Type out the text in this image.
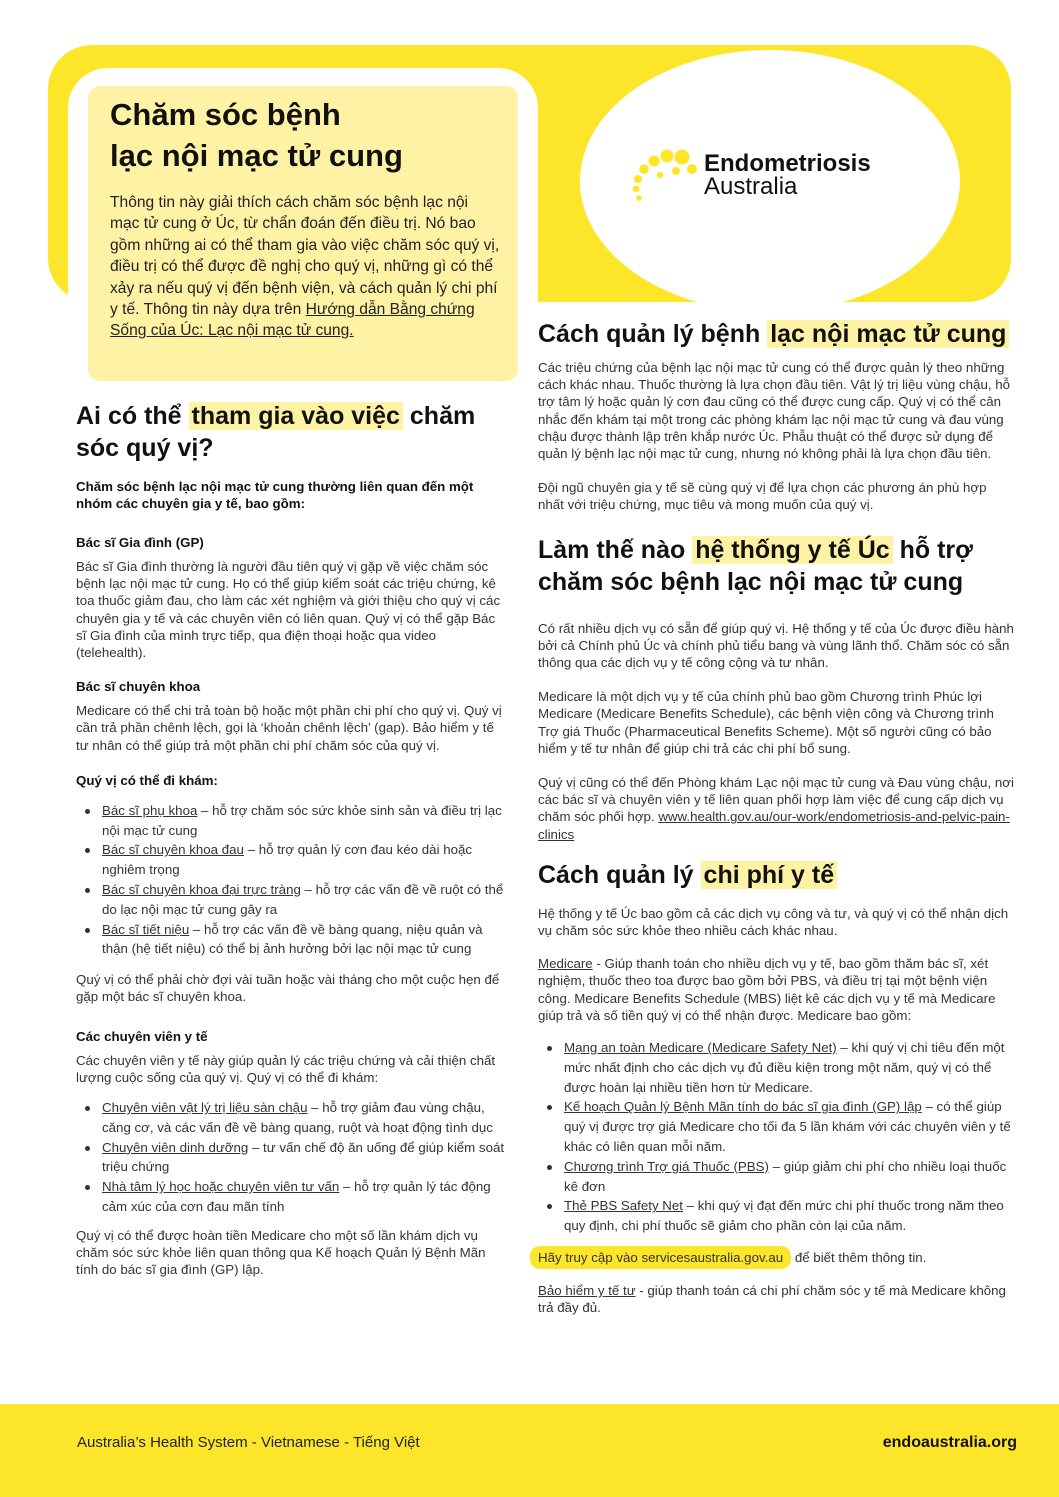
Chăm sóc bệnh
lạc nội mạc tử cung

Thông tin này giải thích cách chăm sóc bệnh lạc nội mạc tử cung ở Úc, từ chẩn đoán đến điều trị. Nó bao gồm những ai có thể tham gia vào việc chăm sóc quý vị, điều trị có thể được đề nghị cho quý vị, những gì có thể xảy ra nếu quý vị đến bệnh viện, và cách quản lý chi phí y tế. Thông tin này dựa trên Hướng dẫn Bằng chứng Sống của Úc: Lạc nội mạc tử cung.

Endometriosis
Australia
Ai có thể tham gia vào việc chăm sóc quý vị?

Chăm sóc bệnh lạc nội mạc tử cung thường liên quan đến một nhóm các chuyên gia y tế, bao gồm:

Bác sĩ Gia đình (GP)

Bác sĩ Gia đình thường là người đầu tiên quý vị gặp về việc chăm sóc bệnh lạc nội mạc tử cung. Họ có thể giúp kiểm soát các triệu chứng, kê toa thuốc giảm đau, cho làm các xét nghiệm và giới thiệu cho quý vị các chuyên gia y tế và các chuyên viên có liên quan. Quý vị có thể gặp Bác sĩ Gia đình của mình trực tiếp, qua điện thoại hoặc qua video (telehealth).

Bác sĩ chuyên khoa

Medicare có thể chi trả toàn bộ hoặc một phần chi phí cho quý vị. Quý vị cần trả phần chênh lệch, gọi là ‘khoản chênh lệch’ (gap). Bảo hiểm y tế tư nhân có thể giúp trả một phần chi phí chăm sóc của quý vị.

Quý vị có thể đi khám:

Bác sĩ phụ khoa – hỗ trợ chăm sóc sức khỏe sinh sản và điều trị lạc nội mạc tử cung
Bác sĩ chuyên khoa đau – hỗ trợ quản lý cơn đau kéo dài hoặc nghiêm trọng
Bác sĩ chuyên khoa đại trực tràng – hỗ trợ các vấn đề về ruột có thể do lạc nội mạc tử cung gây ra
Bác sĩ tiết niệu – hỗ trợ các vấn đề về bàng quang, niệu quản và thận (hệ tiết niệu) có thể bị ảnh hưởng bởi lạc nội mạc tử cung

Quý vị có thể phải chờ đợi vài tuần hoặc vài tháng cho một cuộc hẹn để gặp một bác sĩ chuyên khoa.

Các chuyên viên y tế

Các chuyên viên y tế này giúp quản lý các triệu chứng và cải thiện chất lượng cuộc sống của quý vị. Quý vị có thể đi khám:

Chuyên viên vật lý trị liệu sàn chậu – hỗ trợ giảm đau vùng chậu, căng cơ, và các vấn đề về bàng quang, ruột và hoạt động tình dục
Chuyên viên dinh dưỡng – tư vấn chế độ ăn uống để giúp kiểm soát triệu chứng
Nhà tâm lý học hoặc chuyên viên tư vấn – hỗ trợ quản lý tác động cảm xúc của cơn đau mãn tính

Quý vị có thể được hoàn tiền Medicare cho một số lần khám dịch vụ chăm sóc sức khỏe liên quan thông qua Kế hoạch Quản lý Bệnh Mãn tính do bác sĩ gia đình (GP) lập.

Cách quản lý bệnh lạc nội mạc tử cung

Các triệu chứng của bệnh lạc nội mạc tử cung có thể được quản lý theo những cách khác nhau. Thuốc thường là lựa chọn đầu tiên. Vật lý trị liệu vùng chậu, hỗ trợ tâm lý hoặc quản lý cơn đau cũng có thể được cung cấp. Quý vị có thể cân nhắc đến khám tại một trong các phòng khám lạc nội mạc tử cung và đau vùng chậu được thành lập trên khắp nước Úc. Phẫu thuật có thể được sử dụng để quản lý bệnh lạc nội mạc tử cung, nhưng nó không phải là lựa chọn đầu tiên.

Đội ngũ chuyên gia y tế sẽ cùng quý vị để lựa chọn các phương án phù hợp nhất với triệu chứng, mục tiêu và mong muốn của quý vị.

Làm thế nào hệ thống y tế Úc hỗ trợ chăm sóc bệnh lạc nội mạc tử cung

Có rất nhiều dịch vụ có sẵn để giúp quý vị. Hệ thống y tế của Úc được điều hành bởi cả Chính phủ Úc và chính phủ tiểu bang và vùng lãnh thổ. Chăm sóc có sẵn thông qua các dịch vụ y tế công cộng và tư nhân.

Medicare là một dịch vụ y tế của chính phủ bao gồm Chương trình Phúc lợi Medicare (Medicare Benefits Schedule), các bệnh viện công và Chương trình Trợ giá Thuốc (Pharmaceutical Benefits Scheme). Một số người cũng có bảo hiểm y tế tư nhân để giúp chi trả các chi phí bổ sung.

Quý vị cũng có thể đến Phòng khám Lạc nội mạc tử cung và Đau vùng chậu, nơi các bác sĩ và chuyên viên y tế liên quan phối hợp làm việc để cung cấp dịch vụ chăm sóc phối hợp. www.health.gov.au/our-work/endometriosis-and-pelvic-pain-clinics

Cách quản lý chi phí y tế

Hệ thống y tế Úc bao gồm cả các dịch vụ công và tư, và quý vị có thể nhận dịch vụ chăm sóc sức khỏe theo nhiều cách khác nhau.

Medicare - Giúp thanh toán cho nhiều dịch vụ y tế, bao gồm thăm bác sĩ, xét nghiệm, thuốc theo toa được bao gồm bởi PBS, và điều trị tại một bệnh viện công. Medicare Benefits Schedule (MBS) liệt kê các dịch vụ y tế mà Medicare giúp trả và số tiền quý vị có thể nhận được. Medicare bao gồm:

Mạng an toàn Medicare (Medicare Safety Net) – khi quý vị chi tiêu đến một mức nhất định cho các dịch vụ đủ điều kiện trong một năm, quý vị có thể được hoàn lại nhiều tiền hơn từ Medicare.
Kế hoạch Quản lý Bệnh Mãn tính do bác sĩ gia đình (GP) lập – có thể giúp quý vị được trợ giá Medicare cho tối đa 5 lần khám với các chuyên viên y tế khác có liên quan mỗi năm.
Chương trình Trợ giá Thuốc (PBS) – giúp giảm chi phí cho nhiều loại thuốc kê đơn
Thẻ PBS Safety Net – khi quý vị đạt đến mức chi phí thuốc trong năm theo quy định, chi phí thuốc sẽ giảm cho phần còn lại của năm.

Hãy truy cập vào servicesaustralia.gov.au để biết thêm thông tin.

Bảo hiểm y tế tư - giúp thanh toán cá chi phí chăm sóc y tế mà Medicare không trả đầy đủ.

Australia’s Health System - Vietnamese - Tiếng Việt	endoaustralia.org
